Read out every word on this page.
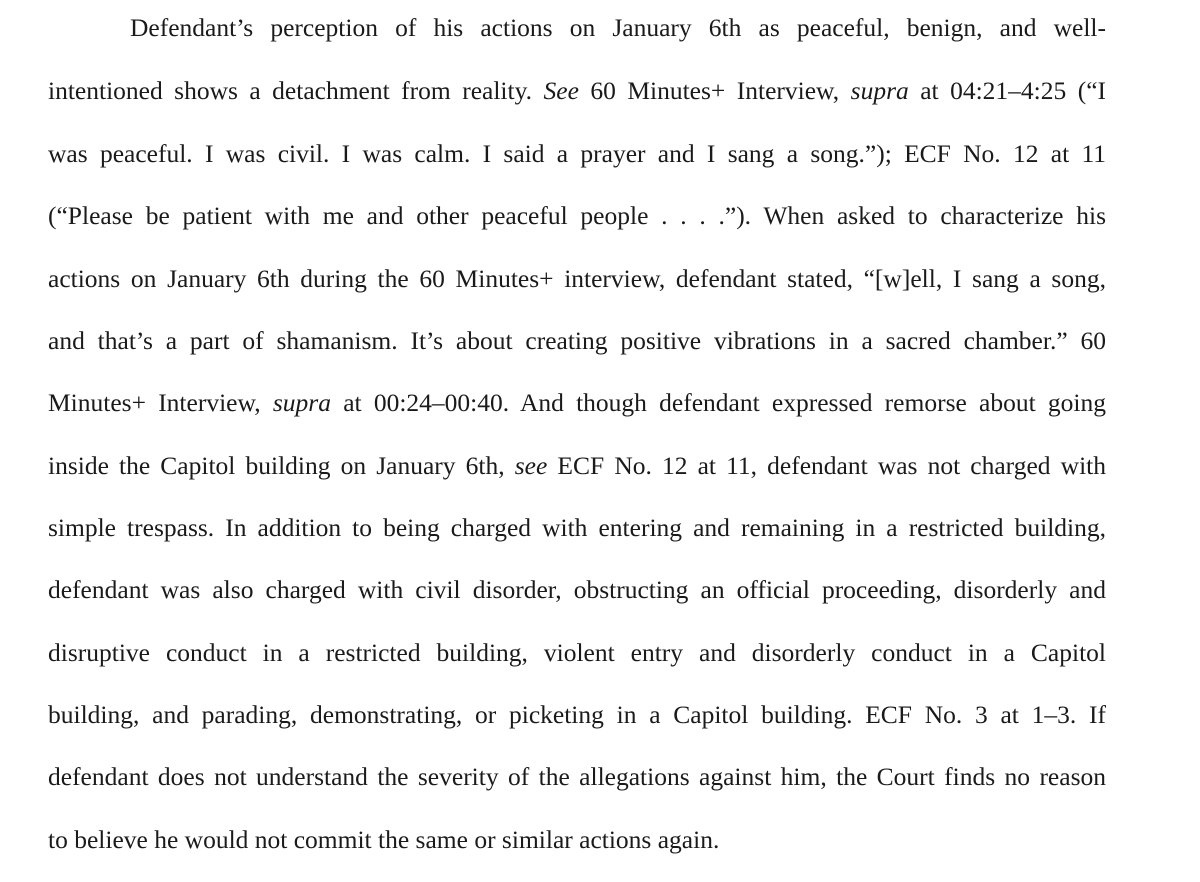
Defendant’s perception of his actions on January 6th as peaceful, benign, and well-
intentioned shows a detachment from reality. See 60 Minutes+ Interview, supra at 04:21–4:25 (“I
was peaceful. I was civil. I was calm. I said a prayer and I sang a song.”); ECF No. 12 at 11
(“Please be patient with me and other peaceful people . . . .”). When asked to characterize his
actions on January 6th during the 60 Minutes+ interview, defendant stated, “[w]ell, I sang a song,
and that’s a part of shamanism. It’s about creating positive vibrations in a sacred chamber.” 60
Minutes+ Interview, supra at 00:24–00:40. And though defendant expressed remorse about going
inside the Capitol building on January 6th, see ECF No. 12 at 11, defendant was not charged with
simple trespass. In addition to being charged with entering and remaining in a restricted building,
defendant was also charged with civil disorder, obstructing an official proceeding, disorderly and
disruptive conduct in a restricted building, violent entry and disorderly conduct in a Capitol
building, and parading, demonstrating, or picketing in a Capitol building. ECF No. 3 at 1–3. If
defendant does not understand the severity of the allegations against him, the Court finds no reason
to believe he would not commit the same or similar actions again.
